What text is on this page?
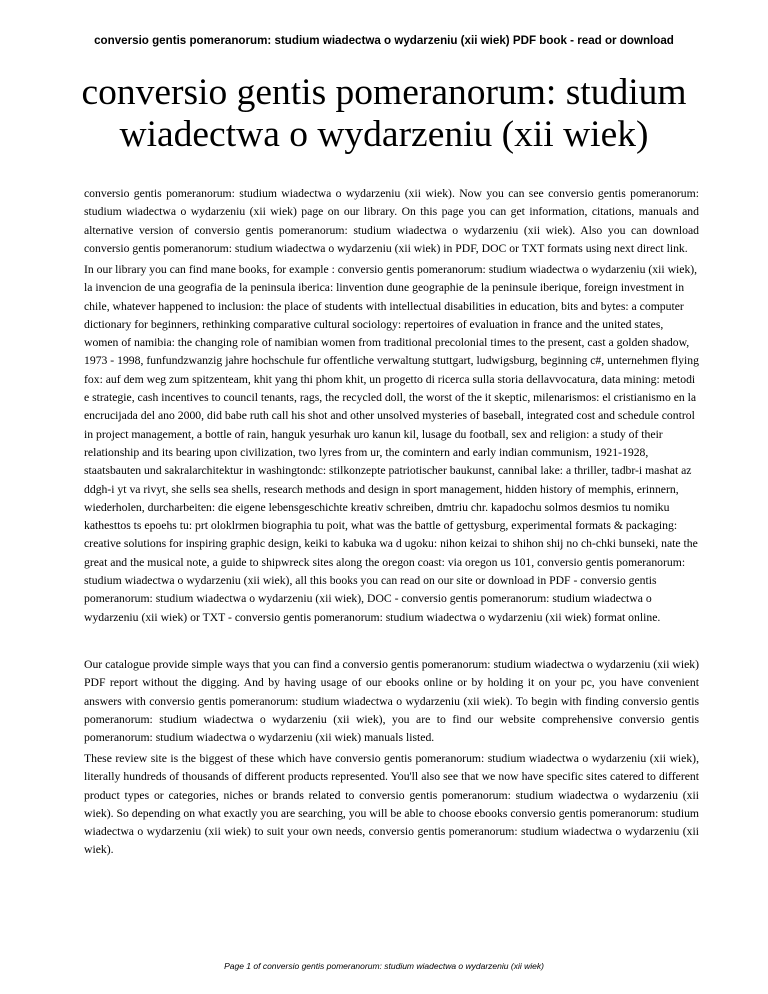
conversio gentis pomeranorum: studium wiadectwa o wydarzeniu (xii wiek) PDF book - read or download
conversio gentis pomeranorum: studium wiadectwa o wydarzeniu (xii wiek)

conversio gentis pomeranorum: studium wiadectwa o wydarzeniu (xii wiek). Now you can see conversio gentis pomeranorum: studium wiadectwa o wydarzeniu (xii wiek) page on our library. On this page you can get information, citations, manuals and alternative version of conversio gentis pomeranorum: studium wiadectwa o wydarzeniu (xii wiek). Also you can download conversio gentis pomeranorum: studium wiadectwa o wydarzeniu (xii wiek) in PDF, DOC or TXT formats using next direct link.

In our library you can find mane books, for example : conversio gentis pomeranorum: studium wiadectwa o wydarzeniu (xii wiek), la invencion de una geografia de la peninsula iberica: linvention dune geographie de la peninsule iberique, foreign investment in chile, whatever happened to inclusion: the place of students with intellectual disabilities in education, bits and bytes: a computer dictionary for beginners, rethinking comparative cultural sociology: repertoires of evaluation in france and the united states, women of namibia: the changing role of namibian women from traditional precolonial times to the present, cast a golden shadow, 1973 - 1998, funfundzwanzig jahre hochschule fur offentliche verwaltung stuttgart, ludwigsburg, beginning c#, unternehmen flying fox: auf dem weg zum spitzenteam, khit yang thi phom khit, un progetto di ricerca sulla storia dellavvocatura, data mining: metodi e strategie, cash incentives to council tenants, rags, the recycled doll, the worst of the it skeptic, milenarismos: el cristianismo en la encrucijada del ano 2000, did babe ruth call his shot and other unsolved mysteries of baseball, integrated cost and schedule control in project management, a bottle of rain, hanguk yesurhak uro kanun kil, lusage du football, sex and religion: a study of their relationship and its bearing upon civilization, two lyres from ur, the comintern and early indian communism, 1921-1928, staatsbauten und sakralarchitektur in washingtondc: stilkonzepte patriotischer baukunst, cannibal lake: a thriller, tadbr-i mashat az ddgh-i yt va rivyt, she sells sea shells, research methods and design in sport management, hidden history of memphis, erinnern, wiederholen, durcharbeiten: die eigene lebensgeschichte kreativ schreiben, dmtriu chr. kapadochu solmos desmios tu nomiku kathesttos ts epoehs tu: prt oloklrmen biographia tu poit, what was the battle of gettysburg, experimental formats & packaging: creative solutions for inspiring graphic design, keiki to kabuka wa d ugoku: nihon keizai to shihon shij no ch-chki bunseki, nate the great and the musical note, a guide to shipwreck sites along the oregon coast: via oregon us 101, conversio gentis pomeranorum: studium wiadectwa o wydarzeniu (xii wiek), all this books you can read on our site or download in PDF - conversio gentis pomeranorum: studium wiadectwa o wydarzeniu (xii wiek), DOC - conversio gentis pomeranorum: studium wiadectwa o wydarzeniu (xii wiek) or TXT - conversio gentis pomeranorum: studium wiadectwa o wydarzeniu (xii wiek) format online.

Our catalogue provide simple ways that you can find a conversio gentis pomeranorum: studium wiadectwa o wydarzeniu (xii wiek) PDF report without the digging. And by having usage of our ebooks online or by holding it on your pc, you have convenient answers with conversio gentis pomeranorum: studium wiadectwa o wydarzeniu (xii wiek). To begin with finding conversio gentis pomeranorum: studium wiadectwa o wydarzeniu (xii wiek), you are to find our website comprehensive conversio gentis pomeranorum: studium wiadectwa o wydarzeniu (xii wiek) manuals listed.

These review site is the biggest of these which have conversio gentis pomeranorum: studium wiadectwa o wydarzeniu (xii wiek), literally hundreds of thousands of different products represented. You'll also see that we now have specific sites catered to different product types or categories, niches or brands related to conversio gentis pomeranorum: studium wiadectwa o wydarzeniu (xii wiek). So depending on what exactly you are searching, you will be able to choose ebooks conversio gentis pomeranorum: studium wiadectwa o wydarzeniu (xii wiek) to suit your own needs, conversio gentis pomeranorum: studium wiadectwa o wydarzeniu (xii wiek).

Page 1 of conversio gentis pomeranorum: studium wiadectwa o wydarzeniu (xii wiek)
